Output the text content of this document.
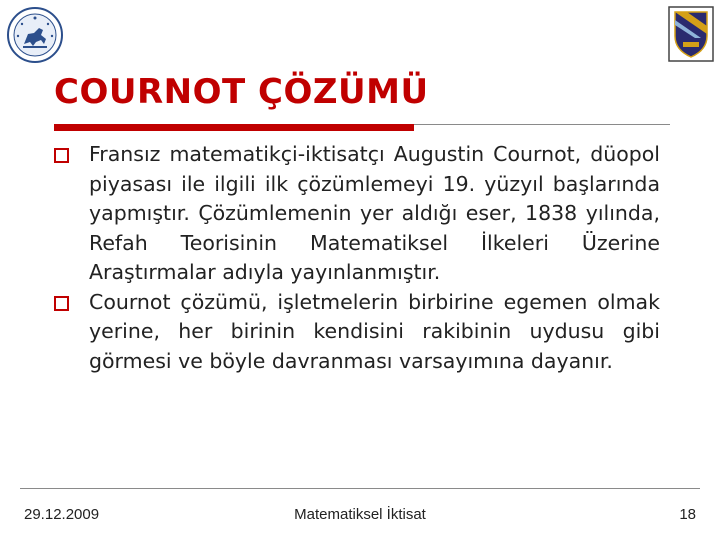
COURNOT ÇÖZÜMÜ
Fransız matematikçi-iktisatçı Augustin Cournot, düopol piyasası ile ilgili ilk çözümlemeyi 19. yüzyıl başlarında yapmıştır. Çözümlemenin yer aldığı eser, 1838 yılında, Refah Teorisinin Matematiksel İlkeleri Üzerine Araştırmalar adıyla yayınlanmıştır.
Cournot çözümü, işletmelerin birbirine egemen olmak yerine, her birinin kendisini rakibinin uydusu gibi görmesi ve böyle davranması varsayımına dayanır.
29.12.2009	Matematiksel İktisat	18
